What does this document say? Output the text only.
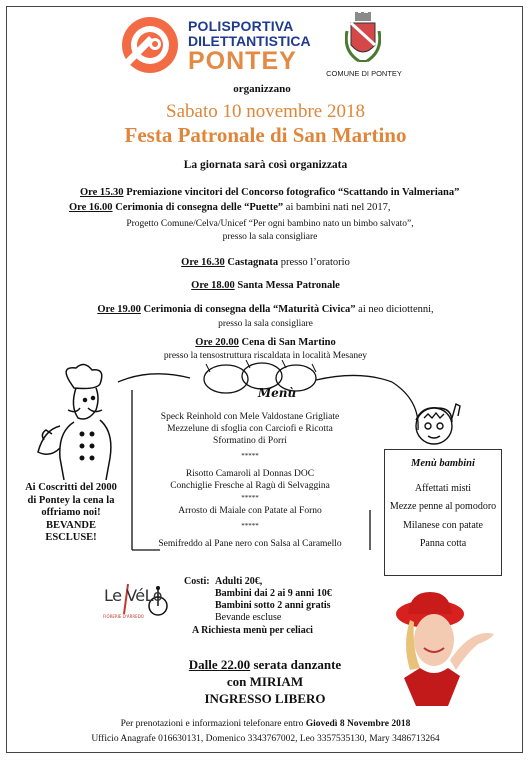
POLISPORTIVA
DILETTANTISTICA
PONTEY	COMUNE DI PONTEY
organizzano
Sabato 10 novembre 2018
Festa Patronale di San Martino
La giornata sarà così organizzata
Ore 15.30 Premiazione vincitori del Concorso fotografico “Scattando in Valmeriana”
Ore 16.00 Cerimonia di consegna delle “Puette” ai bambini nati nel 2017,
Progetto Comune/Celva/Unicef “Per ogni bambino nato un bimbo salvato”,
presso la sala consigliare
Ore 16.30 Castagnata presso l’oratorio
Ore 18.00 Santa Messa Patronale
Ore 19.00 Cerimonia di consegna della “Maturità Civica” ai neo diciottenni,
presso la sala consigliare
Ore 20.00 Cena di San Martino
presso la tensostruttura riscaldata in località Mesaney
Menù
Speck Reinhold con Mele Valdostane Grigliate
Mezzelune di sfoglia con Carciofi e Ricotta
Sformatino di Porri
*****
Risotto Camaroli al Donnas DOC
Conchiglie Fresche al Ragù di Selvaggina
*****
Arrosto di Maiale con Patate al Forno
*****
Semifreddo al Pane nero con Salsa al Caramello
Ai Coscritti del 2000
di Pontey la cena la
offriamo noi!
BEVANDE
ESCLUSE!
Menù bambini
Affettati misti
Mezze penne al pomodoro
Milanese con patate
Panna cotta
Le VéLo
FIORERIE D'ARREDO
Costi: Adulti 20€,
Bambini dai 2 ai 9 anni 10€
Bambini sotto 2 anni gratis
Bevande escluse
A Richiesta menù per celiaci
Dalle 22.00 serata danzante
con MIRIAM
INGRESSO LIBERO
Per prenotazioni e informazioni telefonare entro Giovedì 8 Novembre 2018
Ufficio Anagrafe 016630131, Domenico 3343767002, Leo 3357535130, Mary 3486713264
